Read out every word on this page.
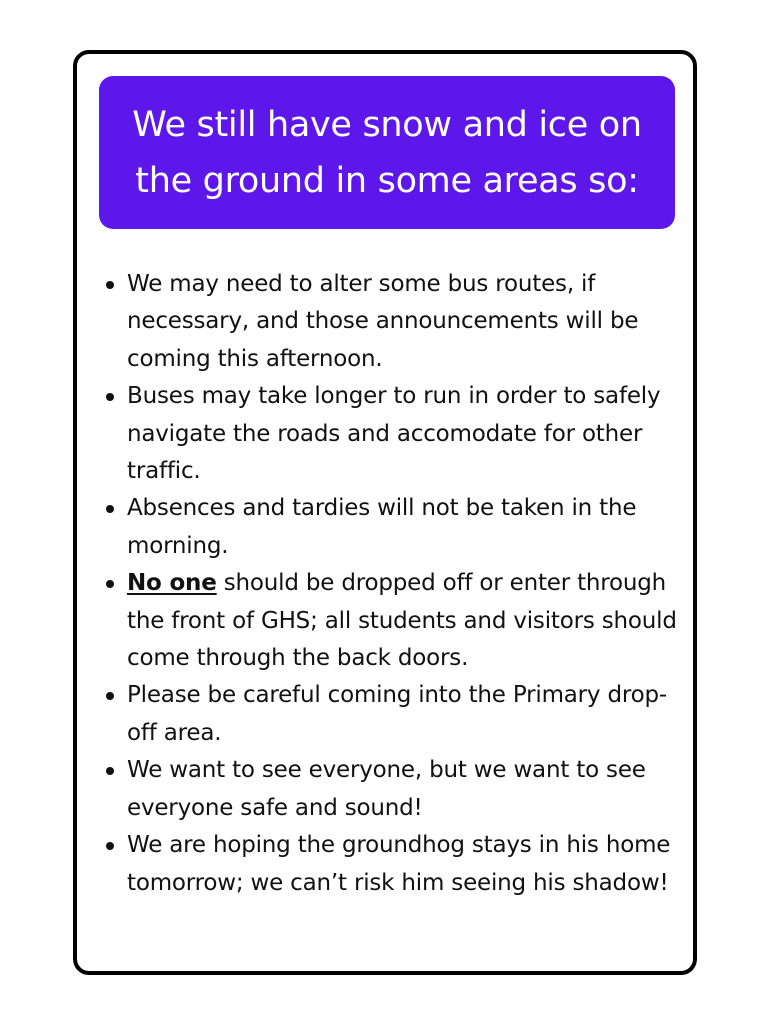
We still have snow and ice on the ground in some areas so:
We may need to alter some bus routes, if necessary, and those announcements will be coming this afternoon.
Buses may take longer to run in order to safely navigate the roads and accomodate for other traffic.
Absences and tardies will not be taken in the morning.
No one should be dropped off or enter through the front of GHS; all students and visitors should come through the back doors.
Please be careful coming into the Primary drop-off area.
We want to see everyone, but we want to see everyone safe and sound!
We are hoping the groundhog stays in his home tomorrow; we can’t risk him seeing his shadow!
